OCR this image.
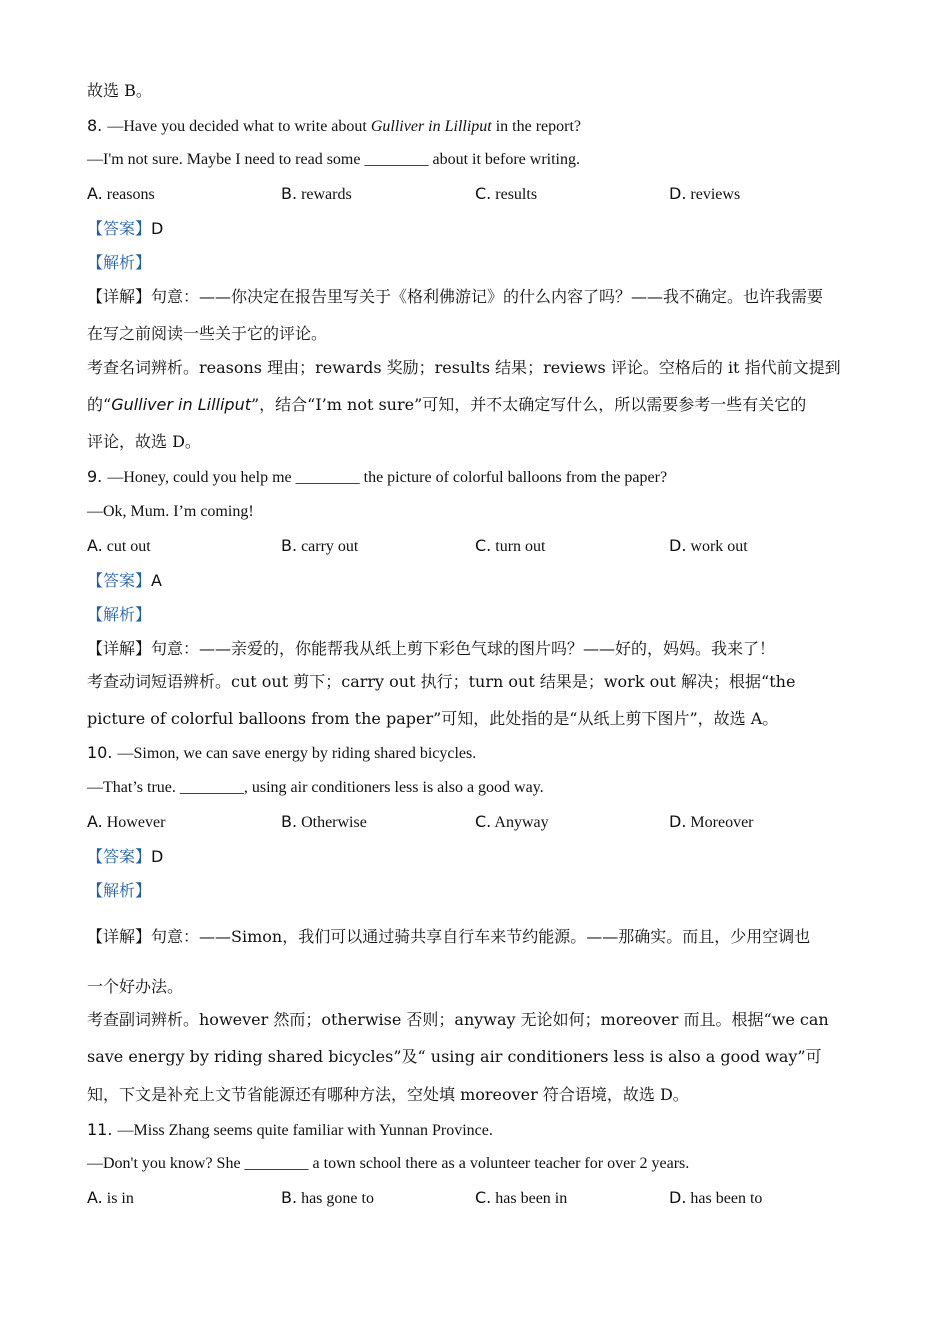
故选 B。
8. —Have you decided what to write about Gulliver in Lilliput in the report?
—I'm not sure. Maybe I need to read some ________ about it before writing.
A. reasons	B. rewards	C. results	D. reviews
【答案】D
【解析】
【详解】句意：——你决定在报告里写关于《格利佛游记》的什么内容了吗？——我不确定。也许我需要
在写之前阅读一些关于它的评论。
考查名词辨析。reasons 理由；rewards 奖励；results 结果；reviews 评论。空格后的 it 指代前文提到
的“Gulliver in Lilliput”，结合“I’m not sure”可知，并不太确定写什么，所以需要参考一些有关它的
评论，故选 D。
9. —Honey, could you help me ________ the picture of colorful balloons from the paper?
—Ok, Mum. I’m coming!
A. cut out	B. carry out	C. turn out	D. work out
【答案】A
【解析】
【详解】句意：——亲爱的，你能帮我从纸上剪下彩色气球的图片吗？——好的，妈妈。我来了！
考查动词短语辨析。cut out 剪下；carry out 执行；turn out 结果是；work out 解决；根据“the
picture of colorful balloons from the paper”可知，此处指的是“从纸上剪下图片”，故选 A。
10. —Simon, we can save energy by riding shared bicycles.
—That’s true. ________, using air conditioners less is also a good way.
A. However	B. Otherwise	C. Anyway	D. Moreover
【答案】D
【解析】
【详解】句意：——Simon，我们可以通过骑共享自行车来节约能源。——那确实。而且，少用空调也
一个好办法。
考查副词辨析。however 然而；otherwise 否则；anyway 无论如何；moreover 而且。根据“we can
save energy by riding shared bicycles”及“ using air conditioners less is also a good way”可
知，下文是补充上文节省能源还有哪种方法，空处填 moreover 符合语境，故选 D。
11. —Miss Zhang seems quite familiar with Yunnan Province.
—Don't you know? She ________ a town school there as a volunteer teacher for over 2 years.
A. is in	B. has gone to	C. has been in	D. has been to
